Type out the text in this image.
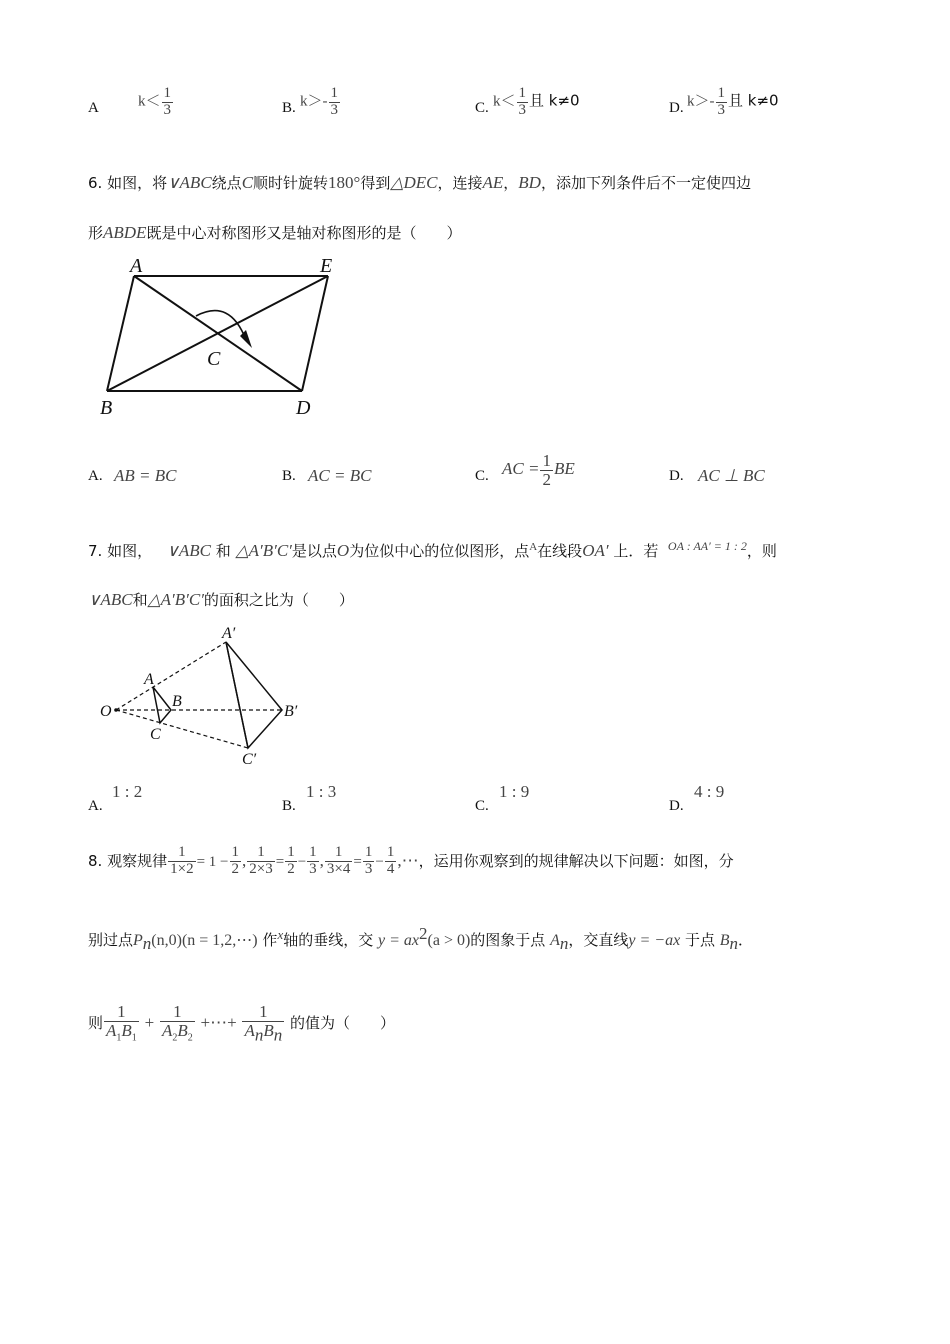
A	$k< \frac{1}{3}$	B. $k>- \frac{1}{3}$	C. $k< \frac{1}{3}$ 且 k≠0	D. $k>- \frac{1}{3}$ 且 k≠0
6. 如图，将∨ABC绕点C顺时针旋转180°得到△DEC，连接AE，BD，添加下列条件后不一定使四边
形ABDE既是中心对称图形又是轴对称图形的是（　　）
A	E
B	D
C
A. AB = BC	B. AC = BC	C. AC = $\frac{1}{2}$ BE	D. AC ⊥ BC
7. 如图， ∨ABC 和 △A′B′C′是以点O为位似中心的位似图形，点$^A$在线段OA′ 上．若 $^{OA : AA' = 1 : 2}$，则
∨ABC和△A′B′C′的面积之比为（　　）
O
A
B
C
A′
B′
C′
A.
1 : 2
B.
1 : 3
C.
1 : 9
D.
4 : 9
8. 观察规律 $\frac{1}{1\times 2} = 1 - \frac{1}{2}$ , $\frac{1}{2\times 3} = \frac{1}{2} - \frac{1}{3}$ , $\frac{1}{3\times 4} = \frac{1}{3} - \frac{1}{4}$ ,⋯，运用你观察到的规律解决以下问题：如图，分
别过点$P_n(n,0)(n$ = 1,2,⋯) 作x轴的垂线，交 $y = ax^2(a > 0)$的图象于点 $A_n$，交直线y = −ax 于点 $B_n$．
则 $\frac{1}{A_1B_1} + \frac{1}{A_2B_2}$ +⋯+ $\frac{1}{A_nB_n}$ 的值为（　　）
